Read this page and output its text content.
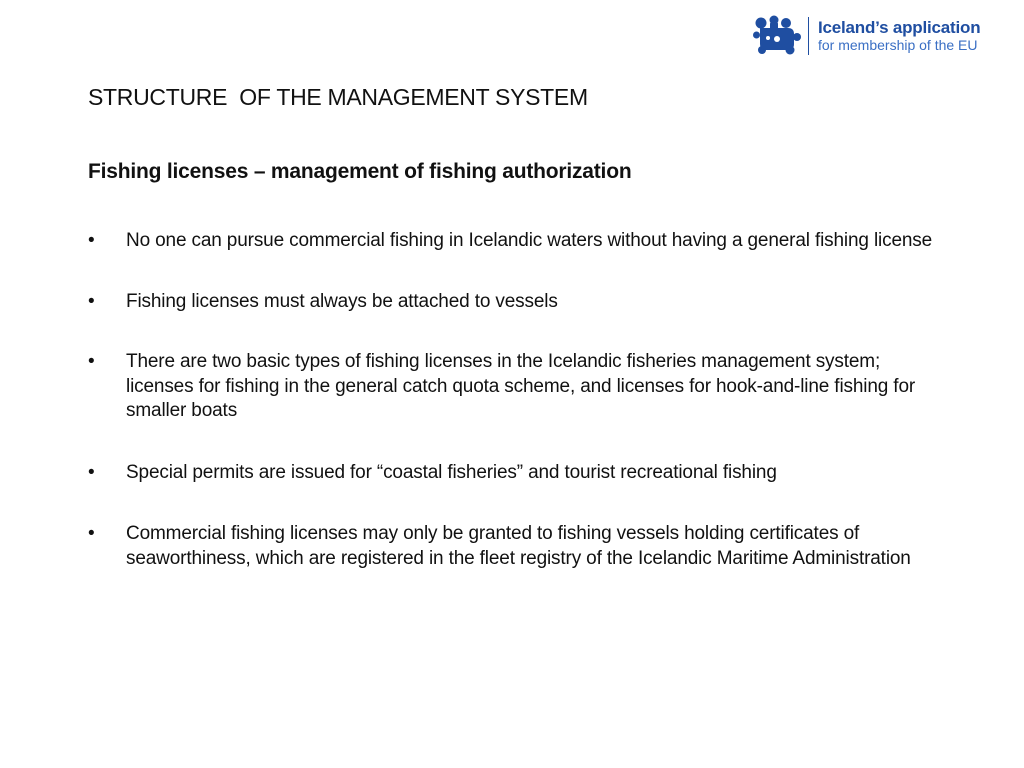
Iceland’s application
for membership of the EU
STRUCTURE  OF THE MANAGEMENT SYSTEM
Fishing licenses – management of fishing authorization
• No one can pursue commercial fishing in Icelandic waters without having a general fishing license
• Fishing licenses must always be attached to vessels
• There are two basic types of fishing licenses in the Icelandic fisheries management system; licenses for fishing in the general catch quota scheme, and licenses for hook-and-line fishing for smaller boats
• Special permits are issued for “coastal fisheries” and tourist recreational fishing
• Commercial fishing licenses may only be granted to fishing vessels holding certificates of seaworthiness, which are registered in the fleet registry of the Icelandic Maritime Administration
